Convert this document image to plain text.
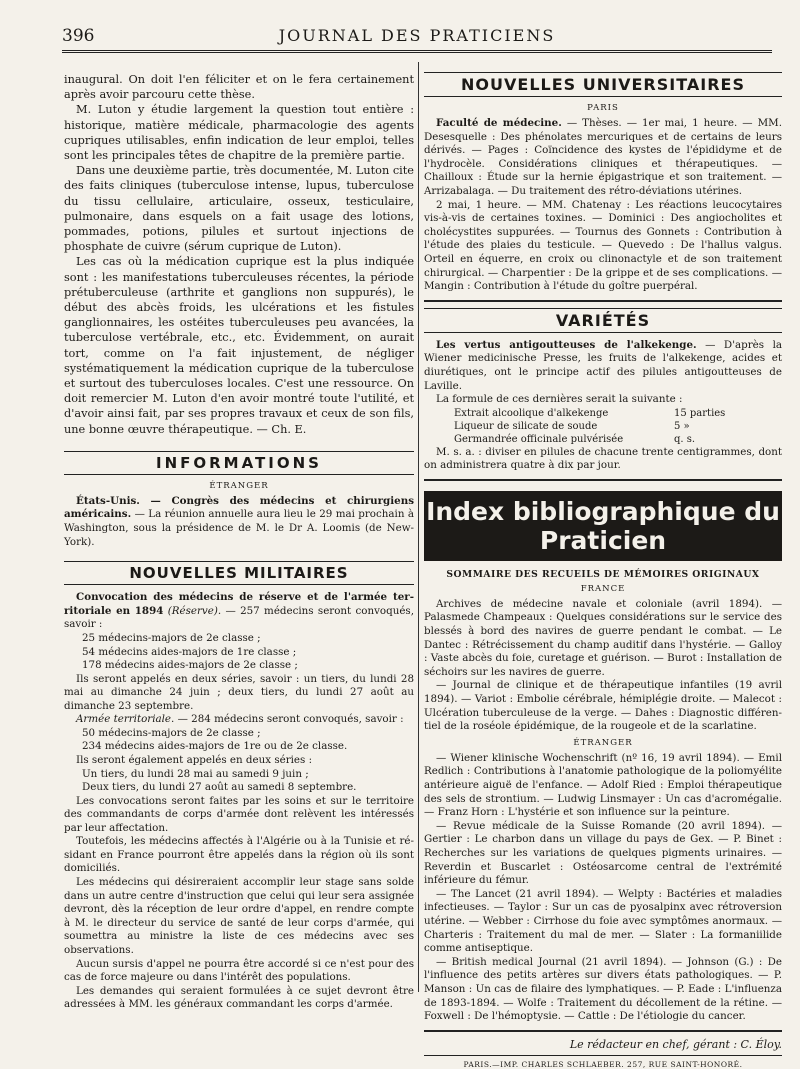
396	JOURNAL DES PRATICIENS

inaugural. On doit l'en féliciter et on le fera certainement après avoir parcouru cette thèse.

M. Luton y étudie largement la question tout entière : historique, matière médicale, pharmacologie des agents cupriques utilisables, enfin indication de leur emploi, telles sont les principales têtes de chapitre de la première partie.

Dans une deuxième partie, très documentée, M. Luton cite des faits cliniques (tuberculose intense, lupus, tuberculose du tissu cellulaire, articulaire, osseux, testiculaire, pulmonaire, dans esquels on a fait usage des lotions, pommades, potions, pilules et surtout injections de phosphate de cuivre (sérum cuprique de Luton).

Les cas où la médication cuprique est la plus indiquée sont : les manifestations tuberculeuses récentes, la période prétuberculeuse (arthrite et ganglions non suppurés), le début des abcès froids, les ulcérations et les fistules ganglionnaires, les ostéites tuberculeuses peu avancées, la tuberculose vertébrale, etc., etc. Évidemment, on aurait tort, comme on l'a fait injustement, de négliger systématiquement la médication cuprique de la tuberculose et surtout des tuberculoses locales. C'est une ressource. On doit remercier M. Luton d'en avoir montré toute l'utilité, et d'avoir ainsi fait, par ses propres travaux et ceux de son fils, une bonne œuvre thérapeutique. — Ch. E.

INFORMATIONS
ÉTRANGER

États-Unis. — Congrès des médecins et chirurgiens américains. — La réunion annuelle aura lieu le 29 mai prochain à Washington, sous la présidence de M. le Dr A. Loomis (de New-York).

NOUVELLES MILITAIRES

Convocation des médecins de réserve et de l'armée territoriale en 1894 (Réserve). — 257 médecins seront convoqués, savoir :

25 médecins-majors de 2e classe ;
54 médecins aides-majors de 1re classe ;
178 médecins aides-majors de 2e classe ;

Ils seront appelés en deux séries, savoir : un tiers, du lundi 28 mai au dimanche 24 juin ; deux tiers, du lundi 27 août au dimanche 23 septembre.

Armée territoriale. — 284 médecins seront convoqués, savoir :

50 médecins-majors de 2e classe ;
234 médecins aides-majors de 1re ou de 2e classe.

Ils seront également appelés en deux séries :

Un tiers, du lundi 28 mai au samedi 9 juin ;
Deux tiers, du lundi 27 août au samedi 8 septembre.

Les convocations seront faites par les soins et sur le territoire des commandants de corps d'armée dont relèvent les intéressés par leur affectation.

Toutefois, les médecins affectés à l'Algérie ou à la Tunisie et résidant en France pourront être appelés dans la région où ils sont domiciliés.

Les médecins qui désireraient accomplir leur stage sans solde dans un autre centre d'instruction que celui qui leur sera assignée devront, dès la réception de leur ordre d'appel, en rendre compte à M. le directeur du service de santé de leur corps d'armée, qui soumettra au ministre la liste de ces médecins avec ses observations.

Aucun sursis d'appel ne pourra être accordé si ce n'est pour des cas de force majeure ou dans l'intérêt des populations.

Les demandes qui seraient formulées à ce sujet devront être adressées à MM. les généraux commandant les corps d'armée.

NOUVELLES UNIVERSITAIRES
PARIS

Faculté de médecine. — Thèses. — 1er mai, 1 heure. — MM. Desesquelle : Des phénolates mercuriques et de certains de leurs dérivés. — Pages : Coïncidence des kystes de l'épididyme et de l'hydrocèle. Considérations cliniques et thérapeutiques. — Chailloux : Étude sur la hernie épigastrique et son traitement. — Arrizabalaga. — Du traitement des rétro-déviations utérines.

2 mai, 1 heure. — MM. Chatenay : Les réactions leucocytaires vis-à-vis de certaines toxines. — Dominici : Des angiocholites et cholécystites suppurées. — Tournus des Gonnets : Contribution à l'étude des plaies du testicule. — Quevedo : De l'hallus valgus. Orteil en équerre, en croix ou clinonactyle et de son traitement chirurgical. — Charpentier : De la grippe et de ses complications. — Mangin : Contribution à l'étude du goître puerpéral.

VARIÉTÉS

Les vertus antigoutteuses de l'alkekenge. — D'après la Wiener medicinische Presse, les fruits de l'alkekenge, acides et diurétiques, ont le principe actif des pilules antigoutteuses de Laville.

La formule de ces dernières serait la suivante :

Extrait alcoolique d'alkekenge	15 parties
Liqueur de silicate de soude	5 »
Germandrée officinale pulvérisée	q. s.

M. s. a. : diviser en pilules de chacune trente centigrammes, dont on administrera quatre à dix par jour.

Index bibliographique du Praticien
SOMMAIRE DES RECUEILS DE MÉMOIRES ORIGINAUX
FRANCE

Archives de médecine navale et coloniale (avril 1894). — Palasmede Champeaux : Quelques considérations sur le service des blessés à bord des navires de guerre pendant le combat. — Le Dantec : Rétrécissement du champ auditif dans l'hystérie. — Galloy : Vaste abcès du foie, curetage et guérison. — Burot : Installation de séchoirs sur les navires de guerre.

— Journal de clinique et de thérapeutique infantiles (19 avril 1894). — Variot : Embolie cérébrale, hémiplégie droite. — Malecot : Ulcération tuberculeuse de la verge. — Dahes : Diagnostic différentiel de la roséole épidémique, de la rougeole et de la scarlatine.

ÉTRANGER

— Wiener klinische Wochenschrift (nº 16, 19 avril 1894). — Emil Redlich : Contributions à l'anatomie pathologique de la poliomyélite antérieure aiguë de l'enfance. — Adolf Ried : Emploi thérapeutique des sels de strontium. — Ludwig Linsmayer : Un cas d'acromégalie. — Franz Horn : L'hystérie et son influence sur la peinture.

— Revue médicale de la Suisse Romande (20 avril 1894). — Gertier : Le charbon dans un village du pays de Gex. — P. Binet : Recherches sur les variations de quelques pigments urinaires. — Reverdin et Buscarlet : Ostéosarcome central de l'extrémité inférieure du fémur.

— The Lancet (21 avril 1894). — Welpty : Bactéries et maladies infectieuses. — Taylor : Sur un cas de pyosalpinx avec rétroversion utérine. — Webber : Cirrhose du foie avec symptômes anormaux. — Charteris : Traitement du mal de mer. — Slater : La formaniilide comme antiseptique.

— British medical Journal (21 avril 1894). — Johnson (G.) : De l'influence des petits artères sur divers états pathologiques. — P. Manson : Un cas de filaire des lymphatiques. — P. Eade : L'influenza de 1893-1894. — Wolfe : Traitement du décollement de la rétine. — Foxwell : De l'hémoptysie. — Cattle : De l'étiologie du cancer.

Le rédacteur en chef, gérant : C. Éloy.
PARIS.—IMP. CHARLES SCHLAEBER. 257, RUE SAINT-HONORÉ.
